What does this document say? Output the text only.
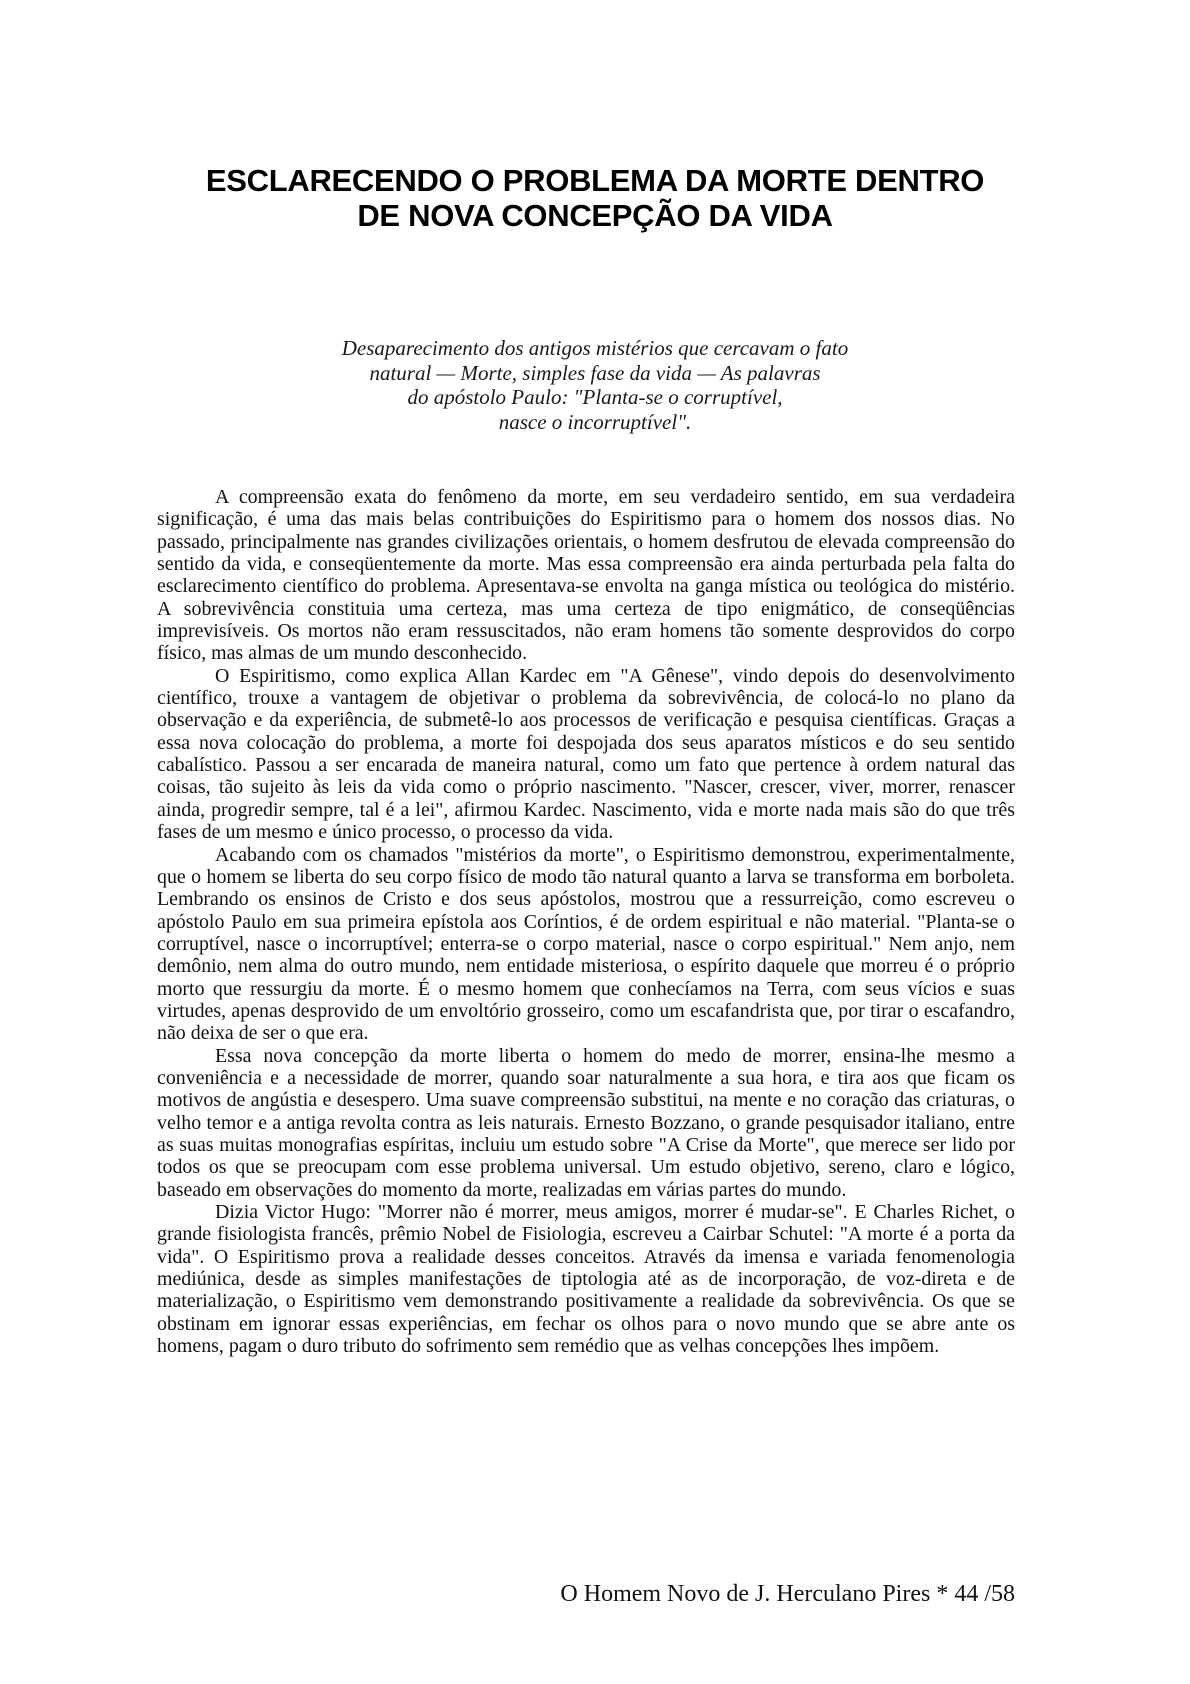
ESCLARECENDO O PROBLEMA DA MORTE DENTRO
DE NOVA CONCEPÇÃO DA VIDA
Desaparecimento dos antigos mistérios que cercavam o fato
natural — Morte, simples fase da vida — As palavras
do apóstolo Paulo: "Planta-se o corruptível,
nasce o incorruptível".

A compreensão exata do fenômeno da morte, em seu verdadeiro sentido, em sua verdadeira significação, é uma das mais belas contribuições do Espiritismo para o homem dos nossos dias. No passado, principalmente nas grandes civilizações orientais, o homem desfrutou de elevada compreensão do sentido da vida, e conseqüentemente da morte. Mas essa compreensão era ainda perturbada pela falta do esclarecimento científico do problema. Apresentava-se envolta na ganga mística ou teológica do mistério. A sobrevivência constituia uma certeza, mas uma certeza de tipo enigmático, de conseqüências imprevisíveis. Os mortos não eram ressuscitados, não eram homens tão somente desprovidos do corpo físico, mas almas de um mundo desconhecido.

O Espiritismo, como explica Allan Kardec em "A Gênese", vindo depois do desenvolvimento científico, trouxe a vantagem de objetivar o problema da sobrevivência, de colocá-lo no plano da observação e da experiência, de submetê-lo aos processos de verificação e pesquisa científicas. Graças a essa nova colocação do problema, a morte foi despojada dos seus aparatos místicos e do seu sentido cabalístico. Passou a ser encarada de maneira natural, como um fato que pertence à ordem natural das coisas, tão sujeito às leis da vida como o próprio nascimento. "Nascer, crescer, viver, morrer, renascer ainda, progredir sempre, tal é a lei", afirmou Kardec. Nascimento, vida e morte nada mais são do que três fases de um mesmo e único processo, o processo da vida.

Acabando com os chamados "mistérios da morte", o Espiritismo demonstrou, experimentalmente, que o homem se liberta do seu corpo físico de modo tão natural quanto a larva se transforma em borboleta. Lembrando os ensinos de Cristo e dos seus apóstolos, mostrou que a ressurreição, como escreveu o apóstolo Paulo em sua primeira epístola aos Coríntios, é de ordem espiritual e não material. "Planta-se o corruptível, nasce o incorruptível; enterra-se o corpo material, nasce o corpo espiritual." Nem anjo, nem demônio, nem alma do outro mundo, nem entidade misteriosa, o espírito daquele que morreu é o próprio morto que ressurgiu da morte. É o mesmo homem que conhecíamos na Terra, com seus vícios e suas virtudes, apenas desprovido de um envoltório grosseiro, como um escafandrista que, por tirar o escafandro, não deixa de ser o que era.

Essa nova concepção da morte liberta o homem do medo de morrer, ensina-lhe mesmo a conveniência e a necessidade de morrer, quando soar naturalmente a sua hora, e tira aos que ficam os motivos de angústia e desespero. Uma suave compreensão substitui, na mente e no coração das criaturas, o velho temor e a antiga revolta contra as leis naturais. Ernesto Bozzano, o grande pesquisador italiano, entre as suas muitas monografias espíritas, incluiu um estudo sobre "A Crise da Morte", que merece ser lido por todos os que se preocupam com esse problema universal. Um estudo objetivo, sereno, claro e lógico, baseado em observações do momento da morte, realizadas em várias partes do mundo.

Dizia Victor Hugo: "Morrer não é morrer, meus amigos, morrer é mudar-se". E Charles Richet, o grande fisiologista francês, prêmio Nobel de Fisiologia, escreveu a Cairbar Schutel: "A morte é a porta da vida". O Espiritismo prova a realidade desses conceitos. Através da imensa e variada fenomenologia mediúnica, desde as simples manifestações de tiptologia até as de incorporação, de voz-direta e de materialização, o Espiritismo vem demonstrando positivamente a realidade da sobrevivência. Os que se obstinam em ignorar essas experiências, em fechar os olhos para o novo mundo que se abre ante os homens, pagam o duro tributo do sofrimento sem remédio que as velhas concepções lhes impõem.

O Homem Novo de J. Herculano Pires * 44 /58
